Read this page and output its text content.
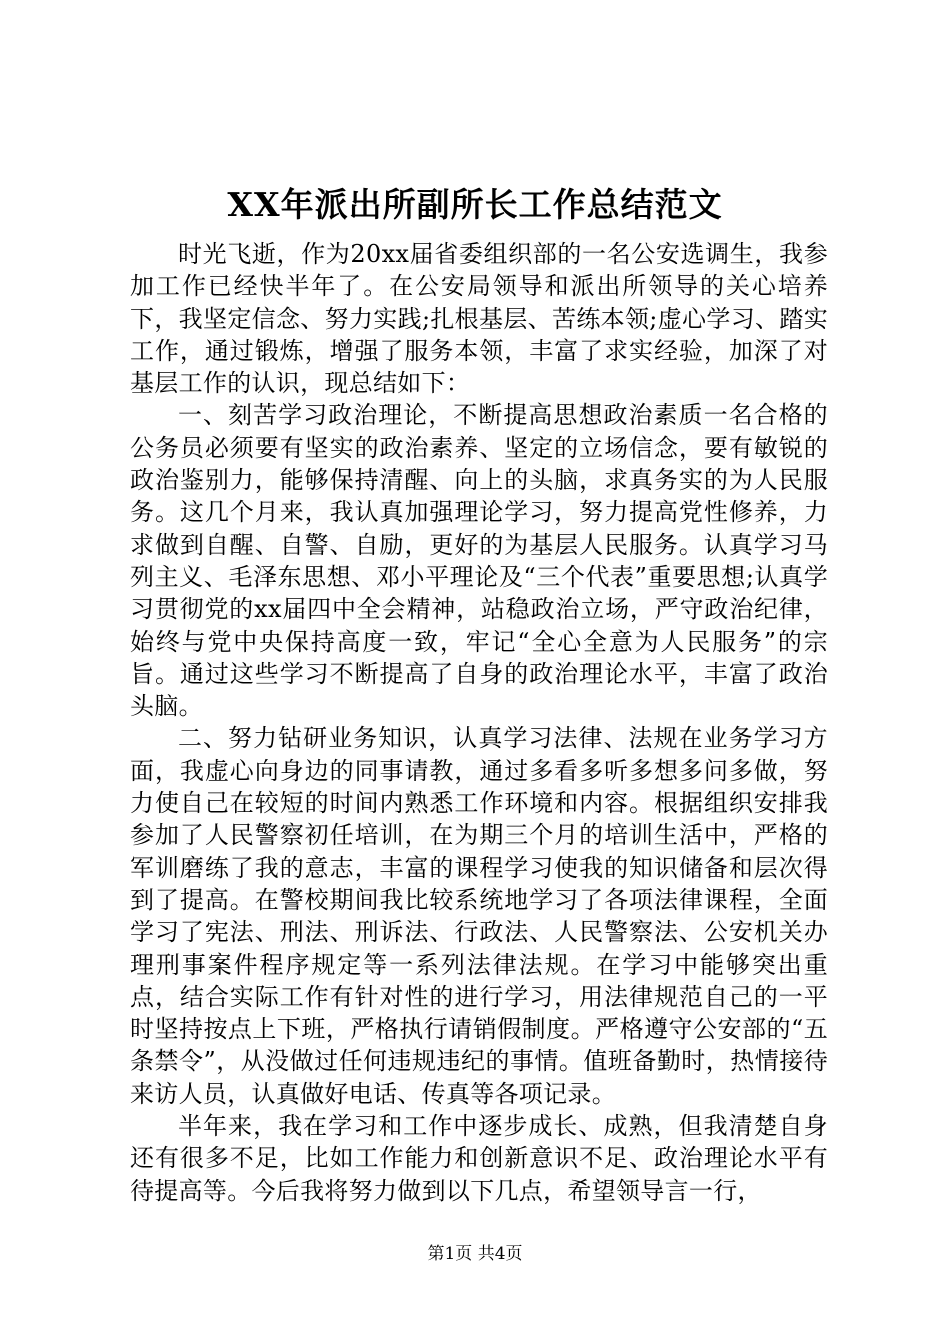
XX年派出所副所长工作总结范文

时光飞逝，作为20xx届省委组织部的一名公安选调生，我参加工作已经快半年了。在公安局领导和派出所领导的关心培养下，我坚定信念、努力实践;扎根基层、苦练本领;虚心学习、踏实工作，通过锻炼，增强了服务本领，丰富了求实经验，加深了对基层工作的认识，现总结如下：

一、刻苦学习政治理论，不断提高思想政治素质一名合格的公务员必须要有坚实的政治素养、坚定的立场信念，要有敏锐的政治鉴别力，能够保持清醒、向上的头脑，求真务实的为人民服务。这几个月来，我认真加强理论学习，努力提高党性修养，力求做到自醒、自警、自励，更好的为基层人民服务。认真学习马列主义、毛泽东思想、邓小平理论及“三个代表”重要思想;认真学习贯彻党的xx届四中全会精神，站稳政治立场，严守政治纪律，始终与党中央保持高度一致，牢记“全心全意为人民服务”的宗旨。通过这些学习不断提高了自身的政治理论水平，丰富了政治头脑。

二、努力钻研业务知识，认真学习法律、法规在业务学习方面，我虚心向身边的同事请教，通过多看多听多想多问多做，努力使自己在较短的时间内熟悉工作环境和内容。根据组织安排我参加了人民警察初任培训，在为期三个月的培训生活中，严格的军训磨练了我的意志，丰富的课程学习使我的知识储备和层次得到了提高。在警校期间我比较系统地学习了各项法律课程，全面学习了宪法、刑法、刑诉法、行政法、人民警察法、公安机关办理刑事案件程序规定等一系列法律法规。在学习中能够突出重点，结合实际工作有针对性的进行学习，用法律规范自己的一平时坚持按点上下班，严格执行请销假制度。严格遵守公安部的“五条禁令”，从没做过任何违规违纪的事情。值班备勤时，热情接待来访人员，认真做好电话、传真等各项记录。

半年来，我在学习和工作中逐步成长、成熟，但我清楚自身还有很多不足，比如工作能力和创新意识不足、政治理论水平有待提高等。今后我将努力做到以下几点，希望领导言一行，

第1页 共4页
